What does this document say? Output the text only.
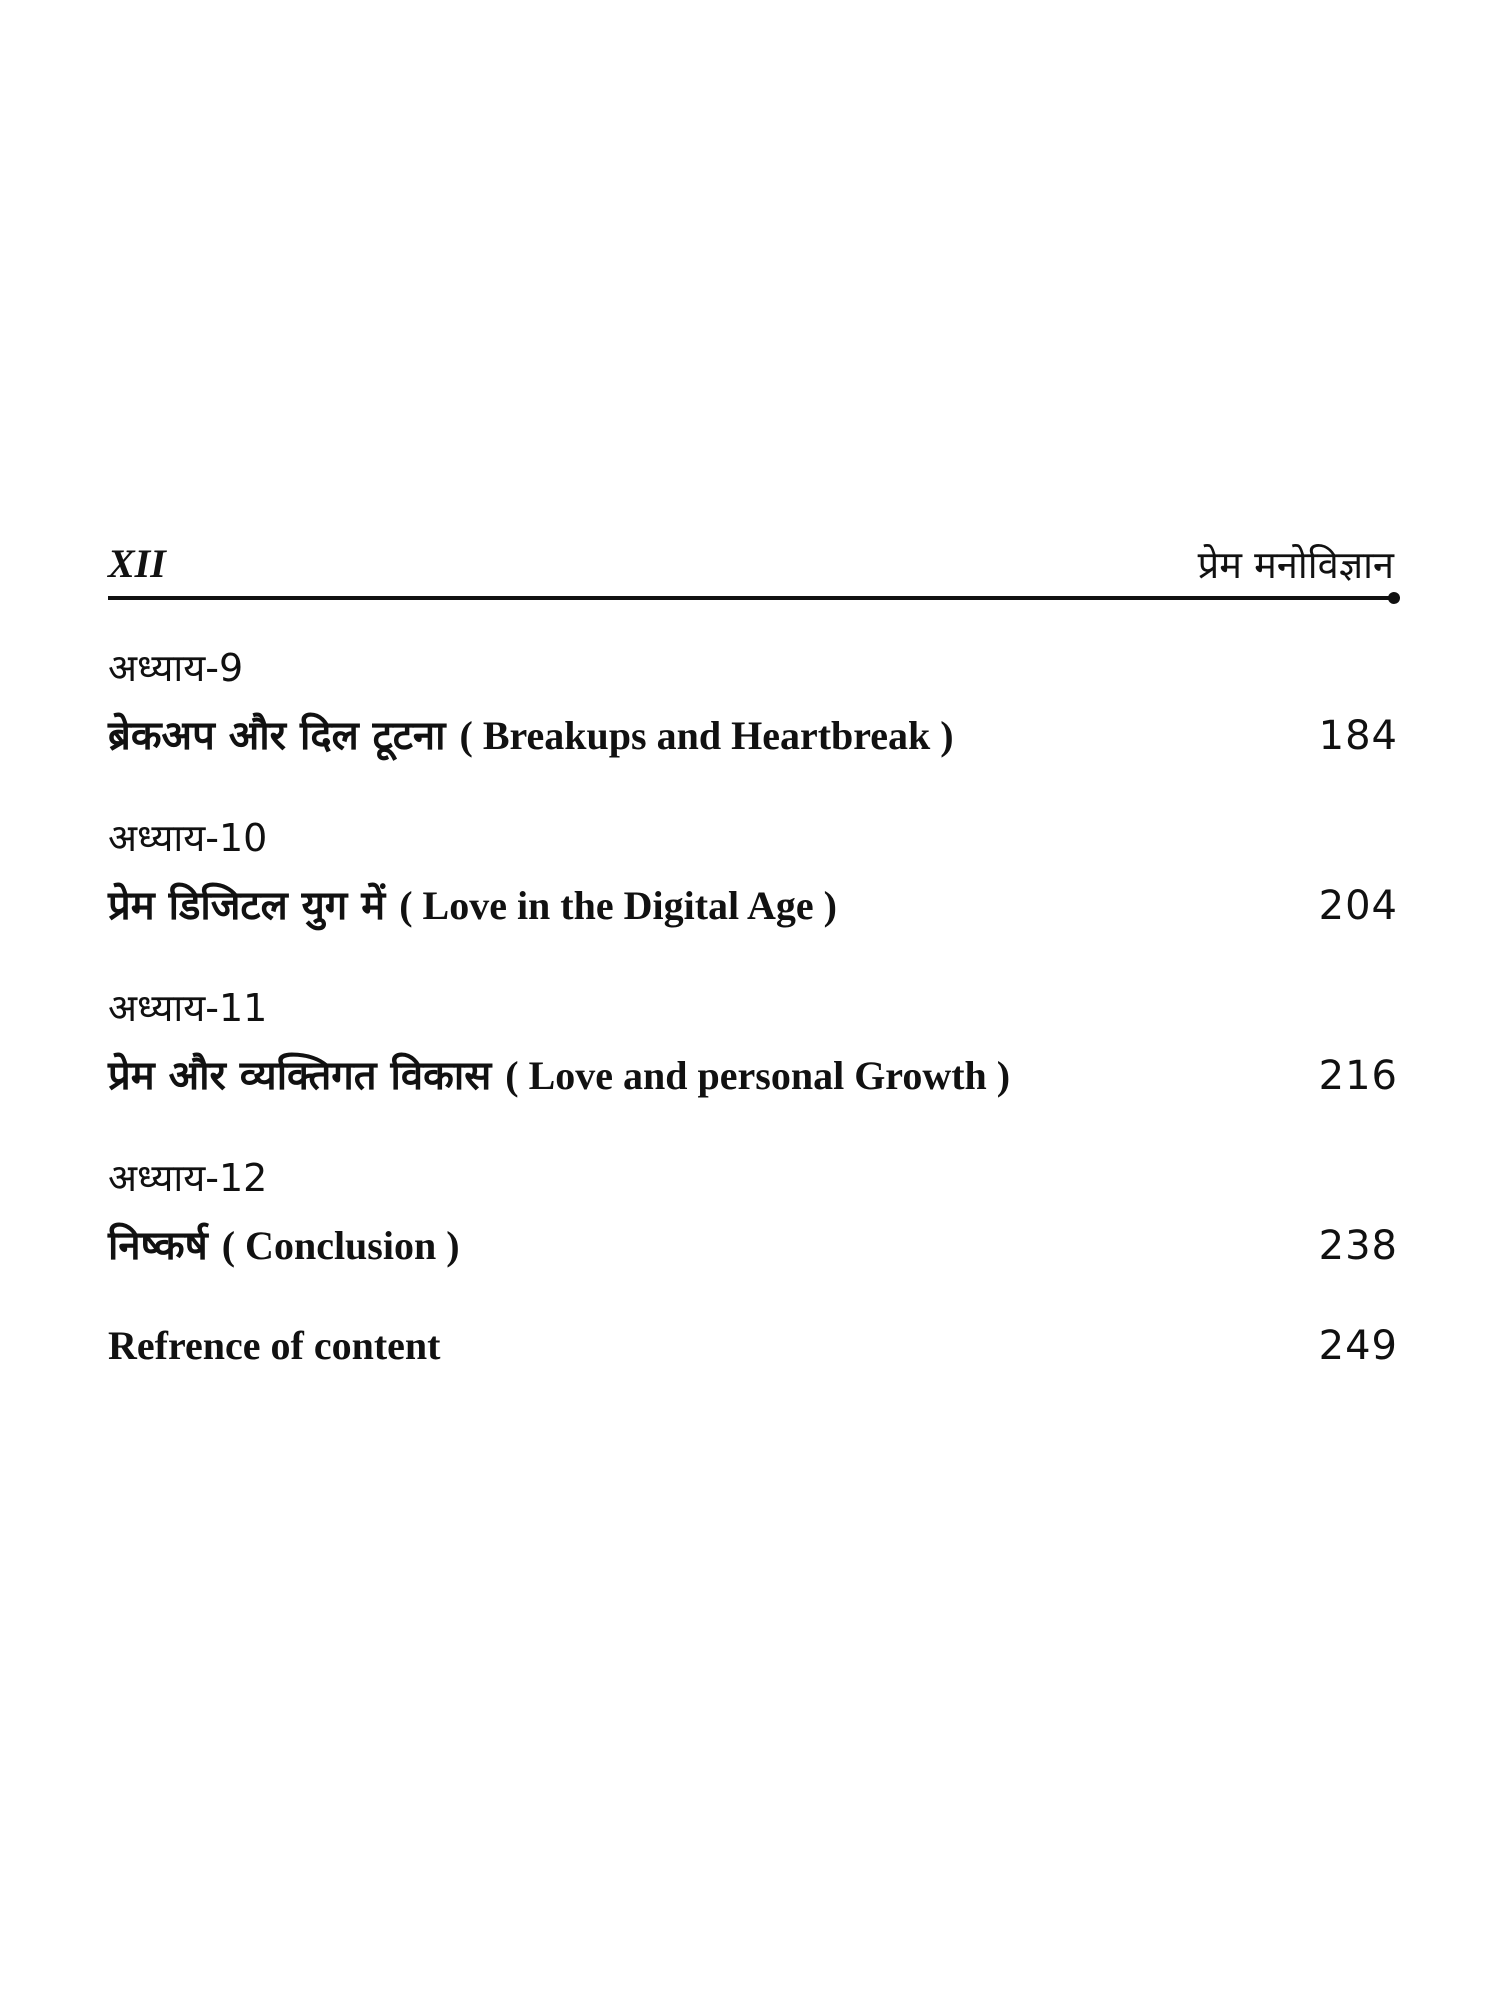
XII	प्रेम मनोविज्ञान
अध्याय-9
ब्रेकअप और दिल टूटना ( Breakups and Heartbreak )	184
अध्याय-10
प्रेम डिजिटल युग में ( Love in the Digital Age )	204
अध्याय-11
प्रेम और व्यक्तिगत विकास ( Love and personal Growth )	216
अध्याय-12
निष्कर्ष ( Conclusion )	238
Refrence of content	249
